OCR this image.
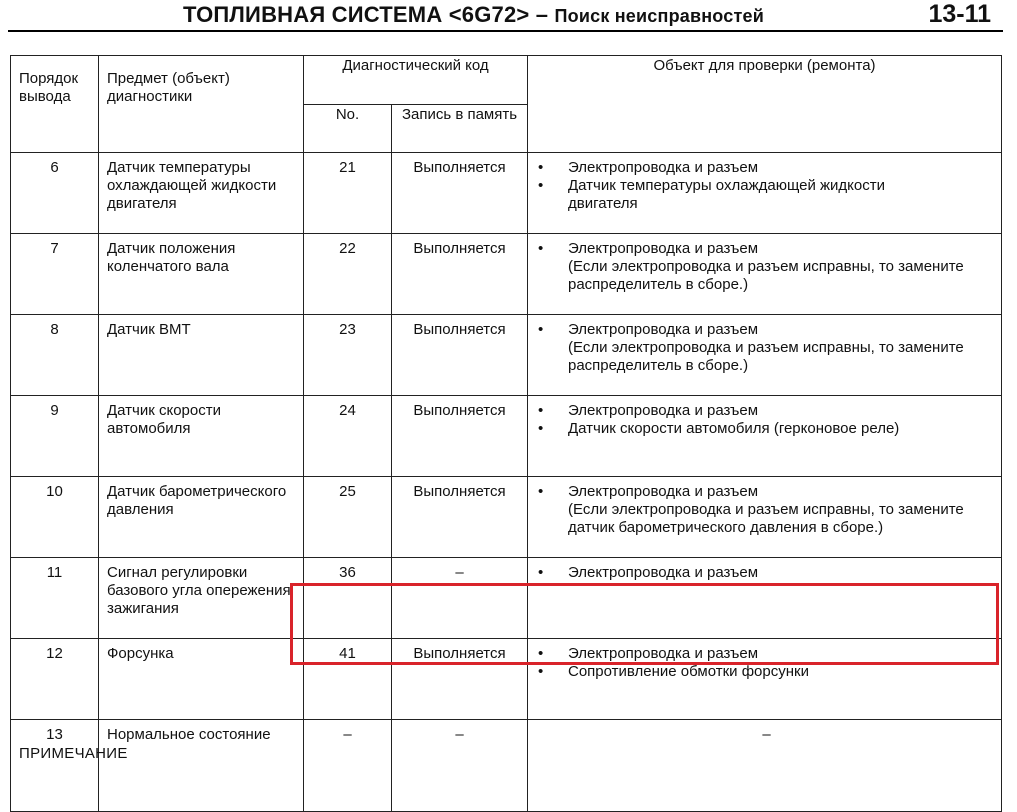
ТОПЛИВНАЯ СИСТЕМА <6G72> – Поиск неисправностей	13-11
Порядок вывода	Предмет (объект) диагностики	Диагностический код		Объект для проверки (ремонта)
		No.	Запись в память	
6	Датчик температуры охлаждающей жидкости двигателя	21	Выполняется	• Электропроводка и разъем
• Датчик температуры охлаждающей жидкости
двигателя

7	Датчик положения коленчатого вала	22	Выполняется	• Электропроводка и разъем
(Если электропроводка и разъем исправны, то замените распределитель в сборе.)

8	Датчик ВМТ	23	Выполняется	• Электропроводка и разъем
(Если электропроводка и разъем исправны, то замените распределитель в сборе.)

9	Датчик скорости автомобиля	24	Выполняется	• Электропроводка и разъем
• Датчик скорости автомобиля (герконовое реле)

10	Датчик барометрического давления	25	Выполняется	• Электропроводка и разъем
(Если электропроводка и разъем исправны, то замените датчик барометрического давления в сборе.)

11	Сигнал регулировки базового угла опережения зажигания	36	–	• Электропроводка и разъем

12	Форсунка	41	Выполняется	• Электропроводка и разъем
• Сопротивление обмотки форсунки

13	Нормальное состояние	–	–	–
ПРИМЕЧАНИЕ
